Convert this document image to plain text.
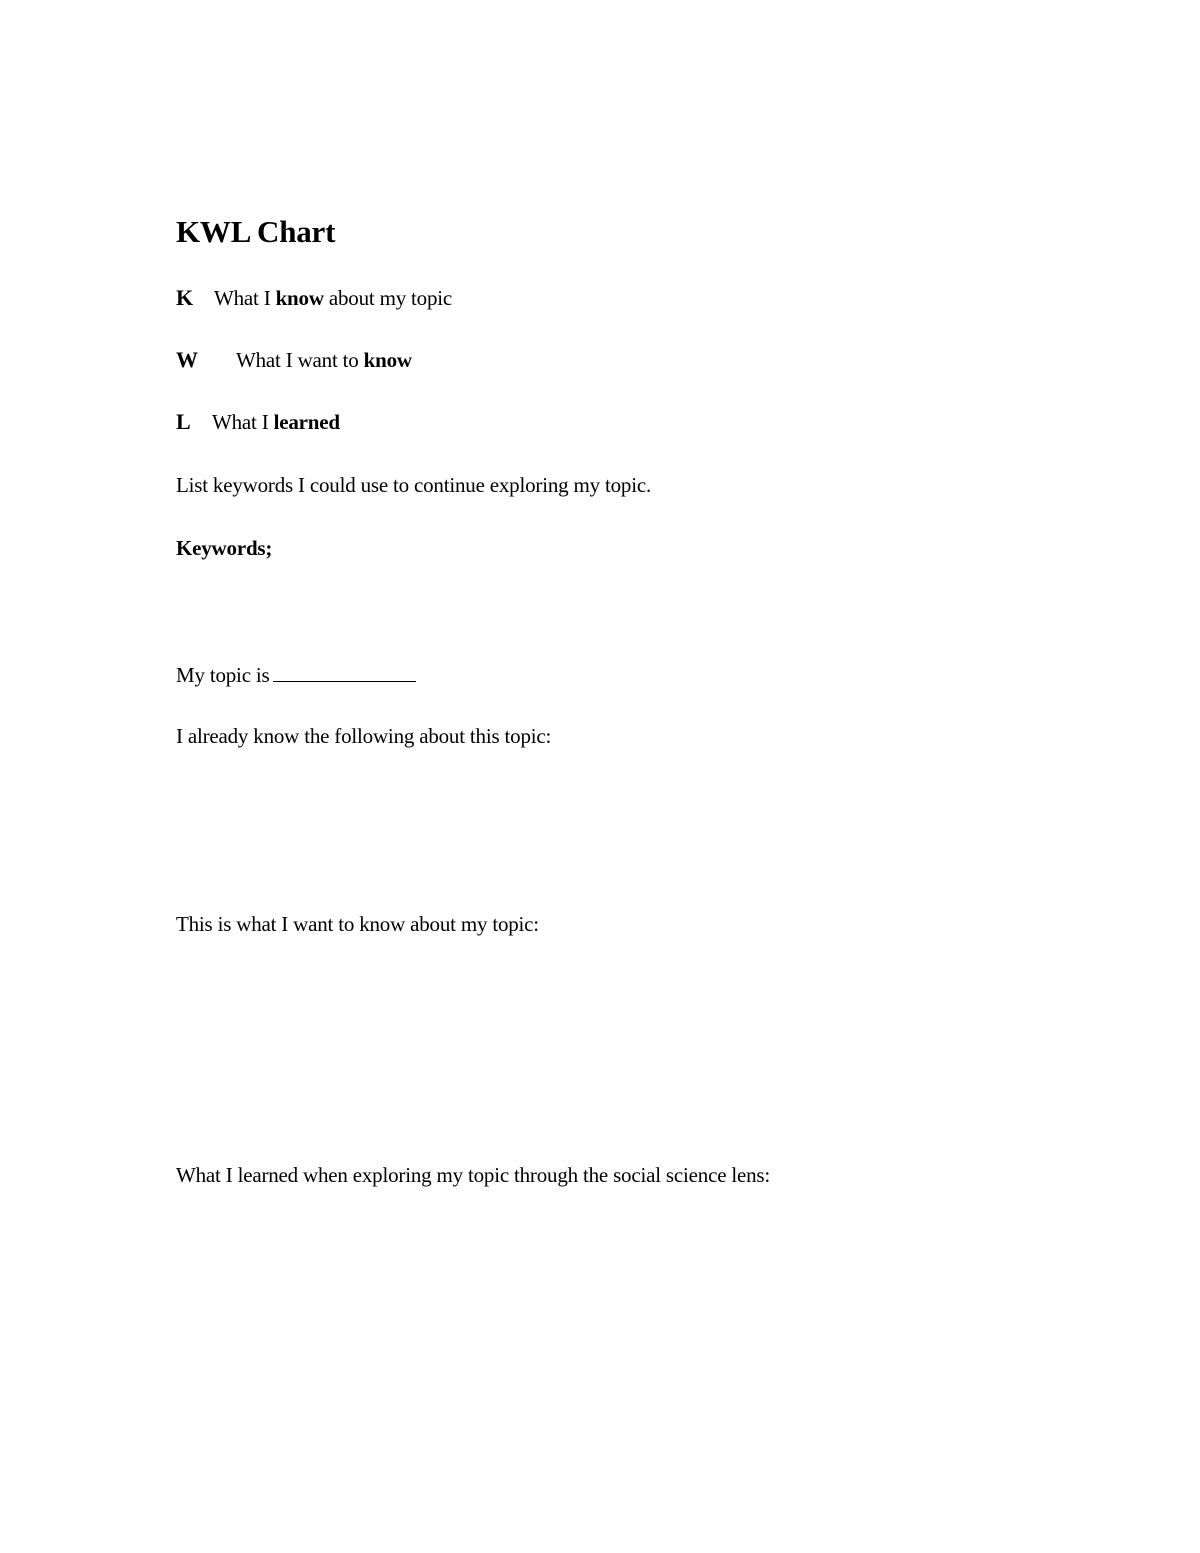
KWL Chart
K What I know about my topic
W What I want to know
L What I learned
List keywords I could use to continue exploring my topic.
Keywords;
My topic is
I already know the following about this topic:
This is what I want to know about my topic:
What I learned when exploring my topic through the social science lens:
